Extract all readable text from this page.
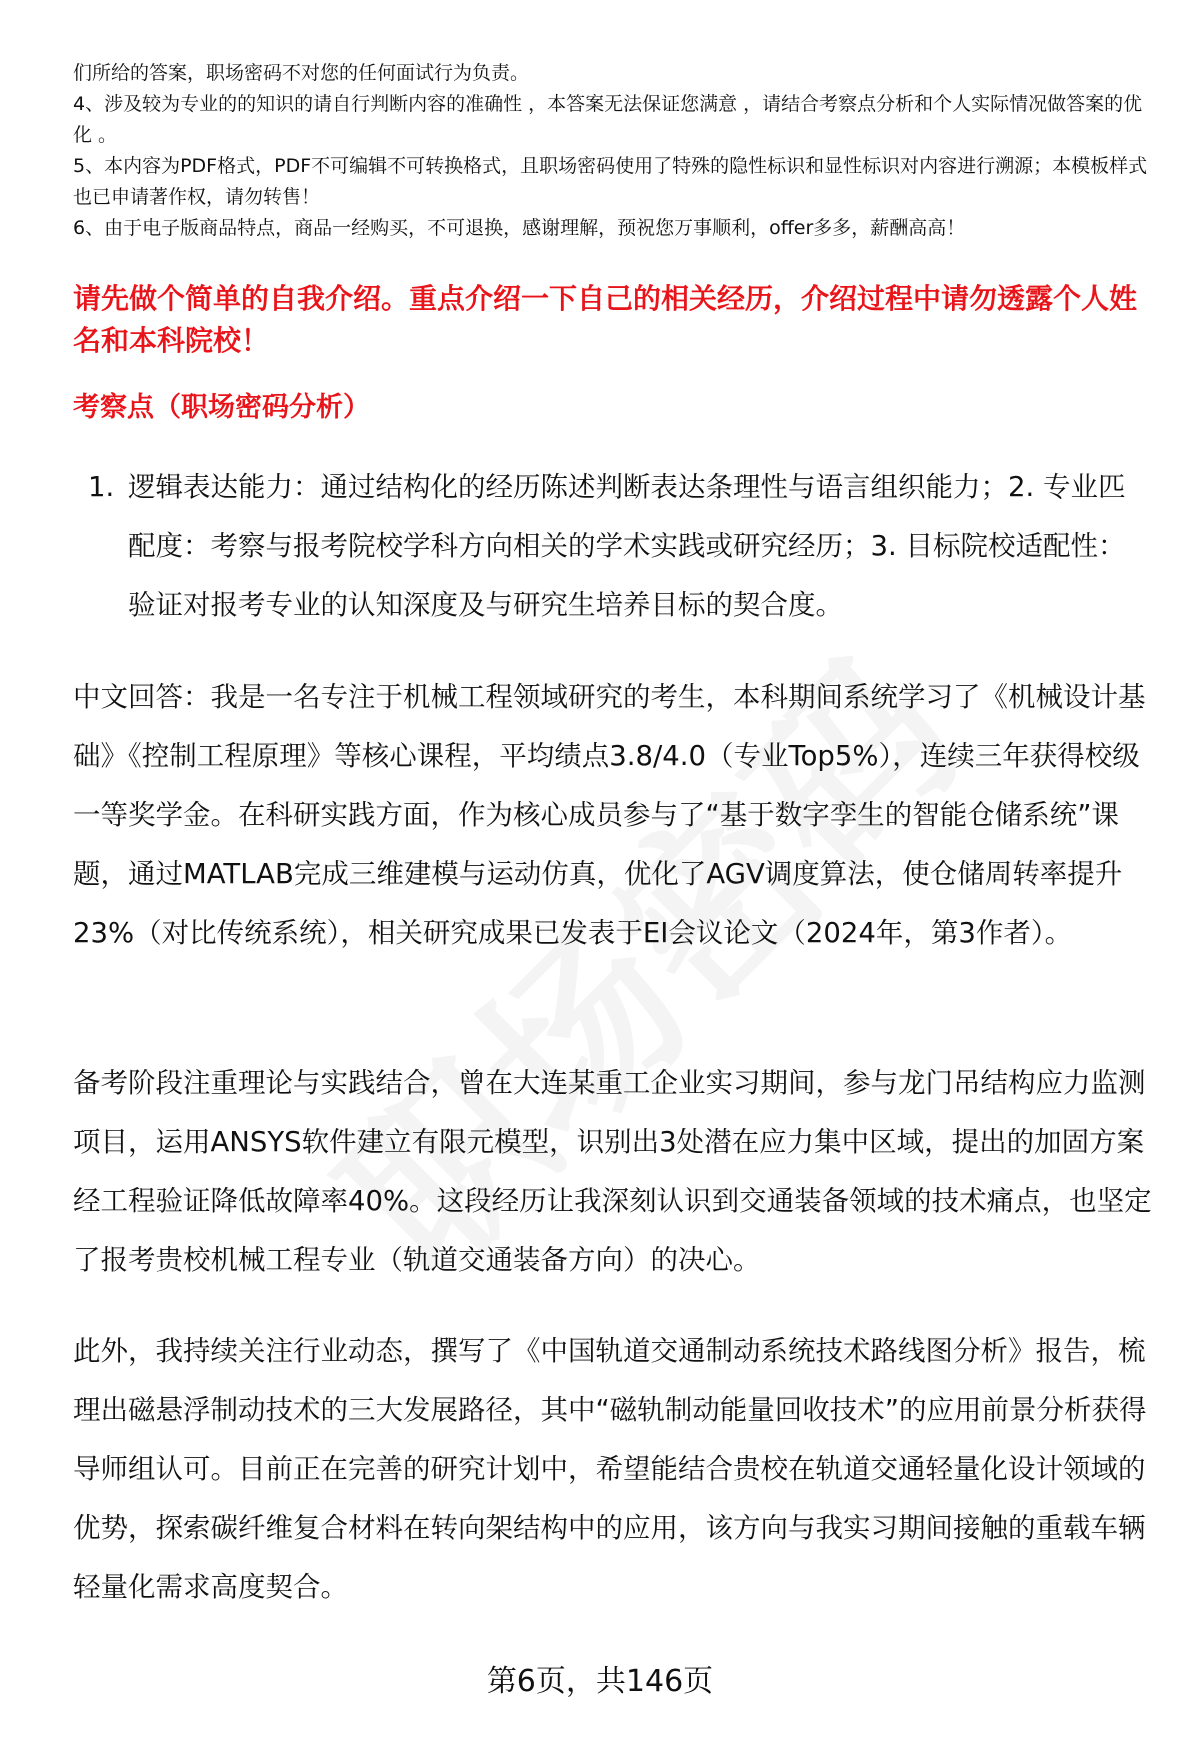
们所给的答案，职场密码不对您的任何面试行为负责。

4、涉及较为专业的的知识的请自行判断内容的准确性 ，本答案无法保证您满意 ，请结合考察点分析和个人实际情况做答案的优化 。

5、本内容为PDF格式，PDF不可编辑不可转换格式，且职场密码使用了特殊的隐性标识和显性标识对内容进行溯源；本模板样式也已申请著作权，请勿转售！

6、由于电子版商品特点，商品一经购买，不可退换，感谢理解，预祝您万事顺利，offer多多，薪酬高高！

请先做个简单的自我介绍。重点介绍一下自己的相关经历，介绍过程中请勿透露个人姓名和本科院校！

考察点（职场密码分析）

1. 逻辑表达能力：通过结构化的经历陈述判断表达条理性与语言组织能力；2. 专业匹配度：考察与报考院校学科方向相关的学术实践或研究经历；3. 目标院校适配性：验证对报考专业的认知深度及与研究生培养目标的契合度。

中文回答：我是一名专注于机械工程领域研究的考生，本科期间系统学习了《机械设计基础》《控制工程原理》等核心课程，平均绩点3.8/4.0（专业Top5%），连续三年获得校级一等奖学金。在科研实践方面，作为核心成员参与了“基于数字孪生的智能仓储系统”课题，通过MATLAB完成三维建模与运动仿真，优化了AGV调度算法，使仓储周转率提升23%（对比传统系统），相关研究成果已发表于EI会议论文（2024年，第3作者）。

备考阶段注重理论与实践结合，曾在大连某重工企业实习期间，参与龙门吊结构应力监测项目，运用ANSYS软件建立有限元模型，识别出3处潜在应力集中区域，提出的加固方案经工程验证降低故障率40%。这段经历让我深刻认识到交通装备领域的技术痛点，也坚定了报考贵校机械工程专业（轨道交通装备方向）的决心。

此外，我持续关注行业动态，撰写了《中国轨道交通制动系统技术路线图分析》报告，梳理出磁悬浮制动技术的三大发展路径，其中“磁轨制动能量回收技术”的应用前景分析获得导师组认可。目前正在完善的研究计划中，希望能结合贵校在轨道交通轻量化设计领域的优势，探索碳纤维复合材料在转向架结构中的应用，该方向与我实习期间接触的重载车辆轻量化需求高度契合。

第6页，共146页
